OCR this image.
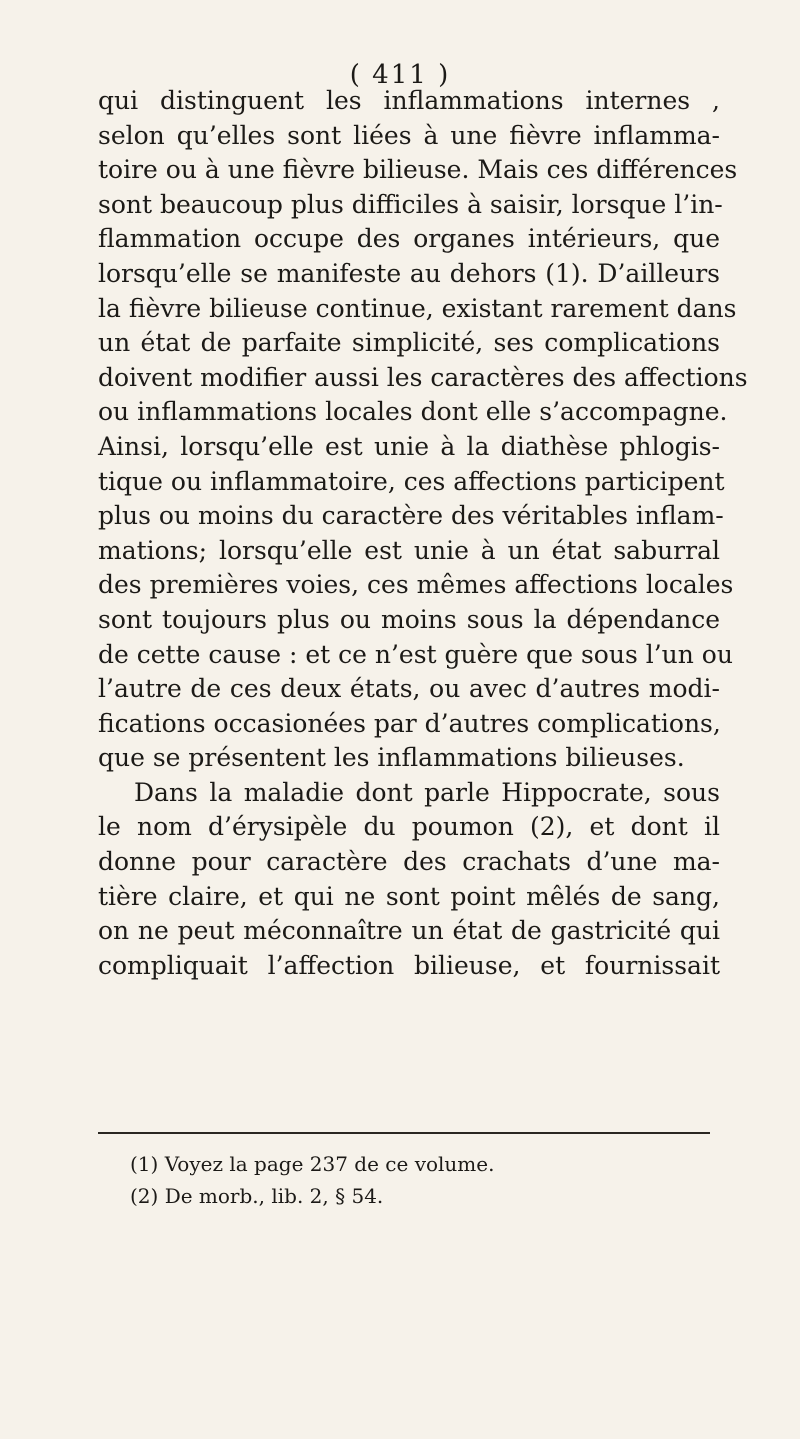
( 411 )
qui distinguent les inflammations internes ,
selon qu’elles sont liées à une fièvre inflamma-
toire ou à une fièvre bilieuse. Mais ces différences
sont beaucoup plus difficiles à saisir, lorsque l’in-
flammation occupe des organes intérieurs, que
lorsqu’elle se manifeste au dehors (1). D’ailleurs
la fièvre bilieuse continue, existant rarement dans
un état de parfaite simplicité, ses complications
doivent modifier aussi les caractères des affections
ou inflammations locales dont elle s’accompagne.
Ainsi, lorsqu’elle est unie à la diathèse phlogis-
tique ou inflammatoire, ces affections participent
plus ou moins du caractère des véritables inflam-
mations; lorsqu’elle est unie à un état saburral
des premières voies, ces mêmes affections locales
sont toujours plus ou moins sous la dépendance
de cette cause : et ce n’est guère que sous l’un ou
l’autre de ces deux états, ou avec d’autres modi-
fications occasionées par d’autres complications,
que se présentent les inflammations bilieuses.
Dans la maladie dont parle Hippocrate, sous
le nom d’érysipèle du poumon (2), et dont il
donne pour caractère des crachats d’une ma-
tière claire, et qui ne sont point mêlés de sang,
on ne peut méconnaître un état de gastricité qui
compliquait l’affection bilieuse, et fournissait
(1) Voyez la page 237 de ce volume.
(2) De morb., lib. 2, § 54.
